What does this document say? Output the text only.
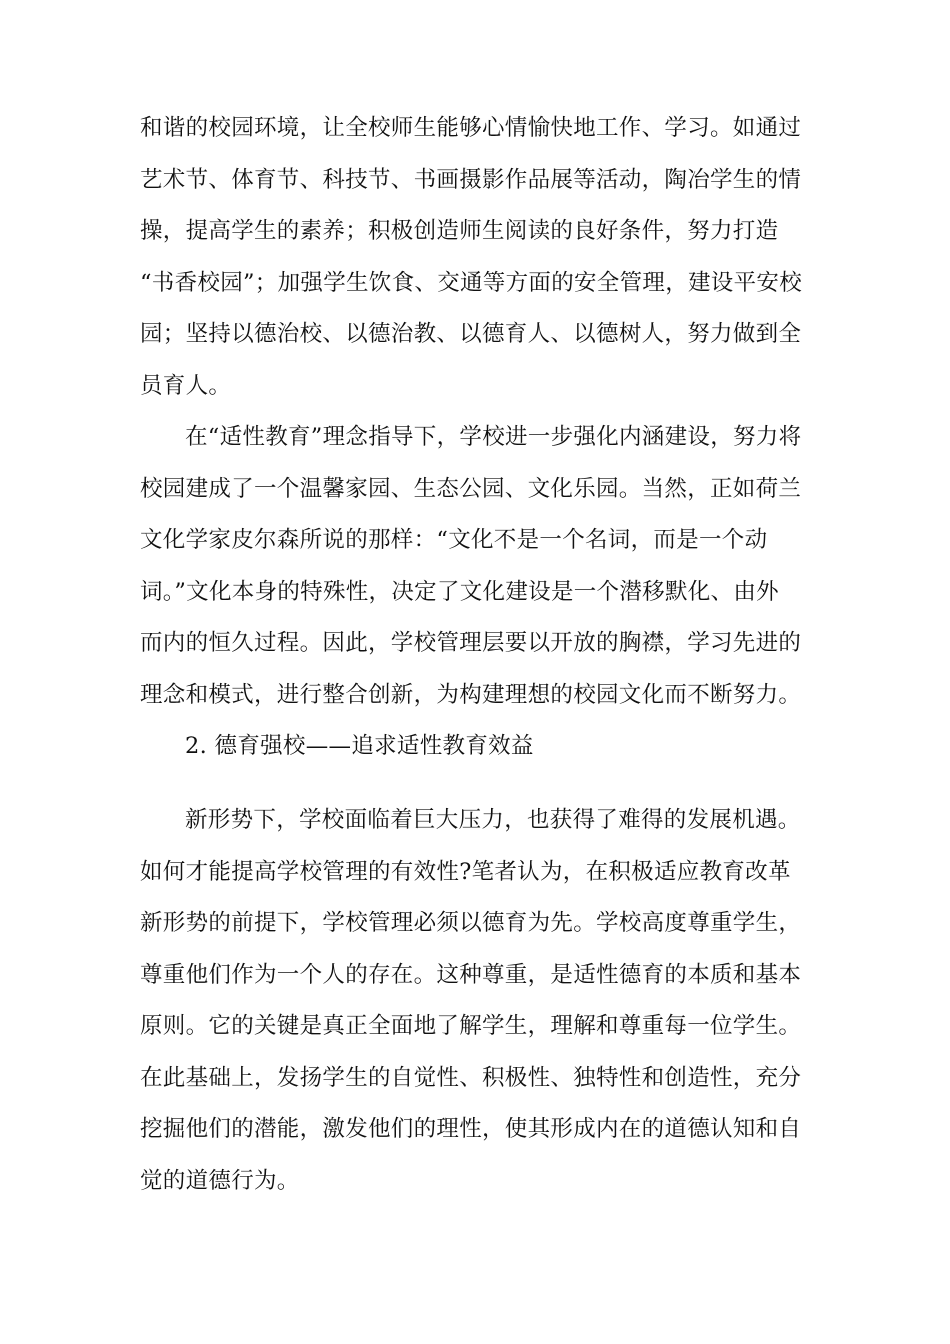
和谐的校园环境，让全校师生能够心情愉快地工作、学习。如通过
艺术节、体育节、科技节、书画摄影作品展等活动，陶冶学生的情
操，提高学生的素养；积极创造师生阅读的良好条件，努力打造
“书香校园”；加强学生饮食、交通等方面的安全管理，建设平安校
园；坚持以德治校、以德治教、以德育人、以德树人，努力做到全
员育人。
在“适性教育”理念指导下，学校进一步强化内涵建设，努力将
校园建成了一个温馨家园、生态公园、文化乐园。当然，正如荷兰
文化学家皮尔森所说的那样：“文化不是一个名词，而是一个动
词。”文化本身的特殊性，决定了文化建设是一个潜移默化、由外
而内的恒久过程。因此，学校管理层要以开放的胸襟，学习先进的
理念和模式，进行整合创新，为构建理想的校园文化而不断努力。
2. 德育强校——追求适性教育效益
新形势下，学校面临着巨大压力，也获得了难得的发展机遇。
如何才能提高学校管理的有效性?笔者认为，在积极适应教育改革
新形势的前提下，学校管理必须以德育为先。学校高度尊重学生，
尊重他们作为一个人的存在。这种尊重，是适性德育的本质和基本
原则。它的关键是真正全面地了解学生，理解和尊重每一位学生。
在此基础上，发扬学生的自觉性、积极性、独特性和创造性，充分
挖掘他们的潜能，激发他们的理性，使其形成内在的道德认知和自
觉的道德行为。
